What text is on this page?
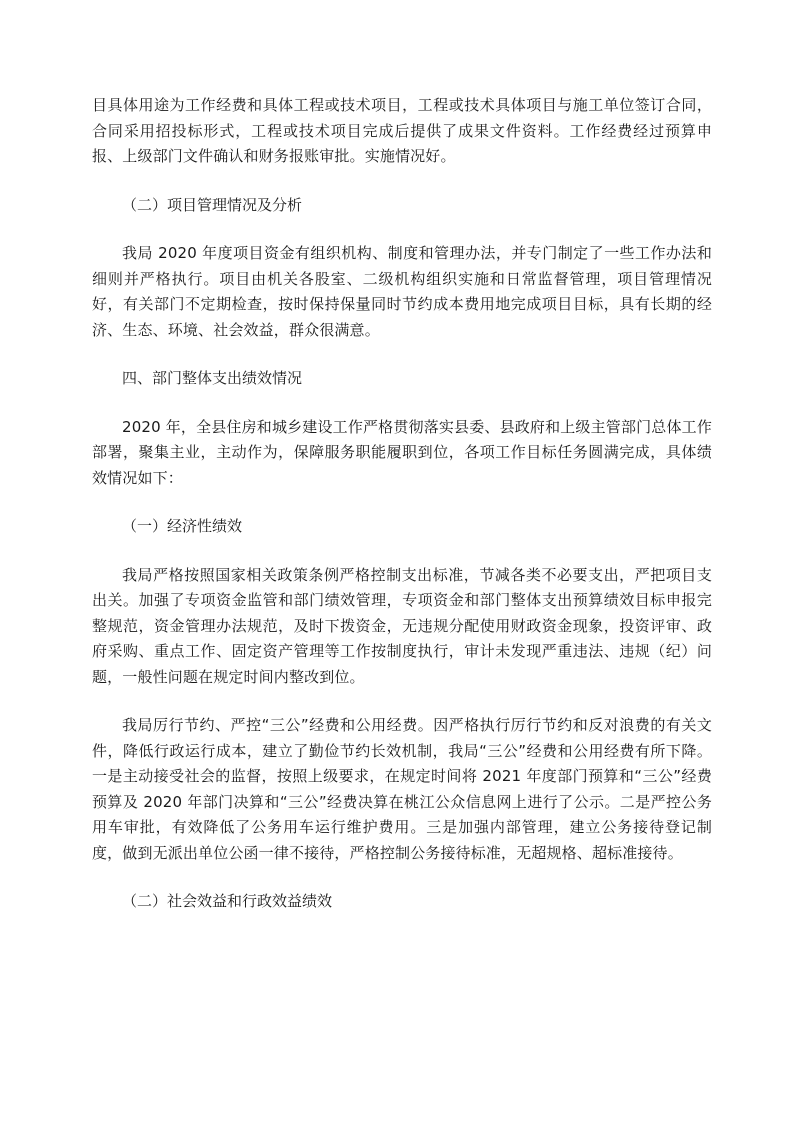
目具体用途为工作经费和具体工程或技术项目，工程或技术具体项目与施工单位签订合同，合同采用招投标形式，工程或技术项目完成后提供了成果文件资料。工作经费经过预算申报、上级部门文件确认和财务报账审批。实施情况好。

（二）项目管理情况及分析

我局 2020 年度项目资金有组织机构、制度和管理办法，并专门制定了一些工作办法和细则并严格执行。项目由机关各股室、二级机构组织实施和日常监督管理，项目管理情况好，有关部门不定期检查，按时保持保量同时节约成本费用地完成项目目标，具有长期的经济、生态、环境、社会效益，群众很满意。

四、部门整体支出绩效情况

2020 年，全县住房和城乡建设工作严格贯彻落实县委、县政府和上级主管部门总体工作部署，聚集主业，主动作为，保障服务职能履职到位，各项工作目标任务圆满完成，具体绩效情况如下：

（一）经济性绩效

我局严格按照国家相关政策条例严格控制支出标准，节减各类不必要支出，严把项目支出关。加强了专项资金监管和部门绩效管理，专项资金和部门整体支出预算绩效目标申报完整规范，资金管理办法规范，及时下拨资金，无违规分配使用财政资金现象，投资评审、政府采购、重点工作、固定资产管理等工作按制度执行，审计未发现严重违法、违规（纪）问题，一般性问题在规定时间内整改到位。

我局厉行节约、严控“三公”经费和公用经费。因严格执行厉行节约和反对浪费的有关文件，降低行政运行成本，建立了勤俭节约长效机制，我局“三公”经费和公用经费有所下降。一是主动接受社会的监督，按照上级要求，在规定时间将 2021 年度部门预算和“三公”经费预算及 2020 年部门决算和“三公”经费决算在桃江公众信息网上进行了公示。二是严控公务用车审批，有效降低了公务用车运行维护费用。三是加强内部管理，建立公务接待登记制度，做到无派出单位公函一律不接待，严格控制公务接待标准，无超规格、超标准接待。

（二）社会效益和行政效益绩效
